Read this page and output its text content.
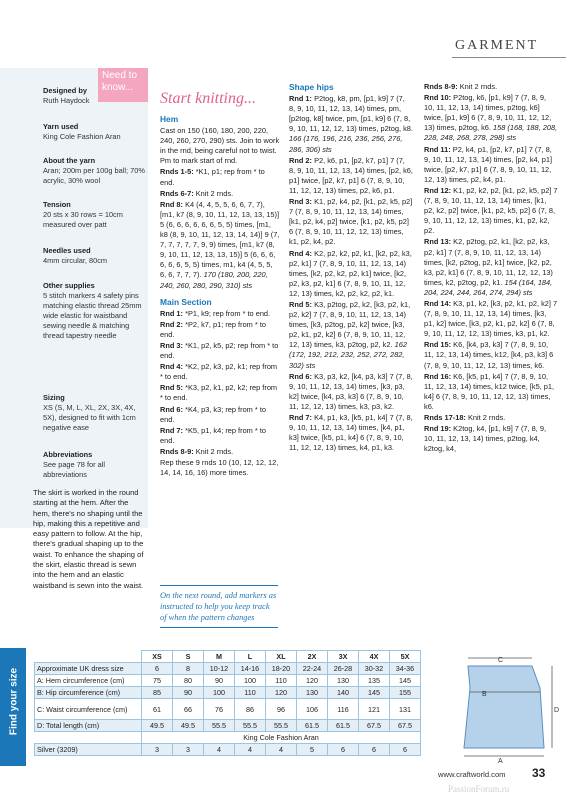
GARMENT
Need to know...
Designed by
Ruth Haydock
Yarn used
King Cole Fashion Aran
About the yarn
Aran; 200m per 100g ball; 70% acrylic, 30% wool
Tension
20 sts x 30 rows = 10cm measured over patt
Needles used
4mm circular, 80cm
Other supplies
5 stitch markers 4 safety pins matching elastic thread 25mm wide elastic for waistband sewing needle & matching thread tapestry needle
Sizing
XS (S, M, L, XL, 2X, 3X, 4X, 5X), designed to fit with 1cm negative ease
Abbreviations
See page 78 for all abbreviations
The skirt is worked in the round starting at the hem. After the hem, there's no shaping until the hip, making this a repetitive and easy pattern to follow. At the hip, there's gradual shaping up to the waist. To enhance the shaping of the skirt, elastic thread is sewn into the hem and an elastic waistband is sewn into the waist.
Start knitting...
Hem

Cast on 150 (160, 180, 200, 220, 240, 260, 270, 290) sts. Join to work in the rnd, being careful not to twist. Pm to mark start of rnd.

Rnds 1-5: *K1, p1; rep from * to end.

Rnds 6-7: Knit 2 rnds.

Rnd 8: K4 (4, 4, 5, 5, 6, 6, 7, 7), [m1, k7 (8, 9, 10, 11, 12, 13, 13, 15)] 5 (6, 6, 6, 6, 6, 6, 5, 5) times, [m1, k8 (8, 9, 10, 11, 12, 13, 14, 14)] 9 (7, 7, 7, 7, 7, 7, 9, 9) times, [m1, k7 (8, 9, 10, 11, 12, 13, 13, 15)] 5 (6, 6, 6, 6, 6, 6, 5, 5) times, m1, k4 (4, 5, 5, 6, 6, 7, 7, 7). 170 (180, 200, 220, 240, 260, 280, 290, 310) sts

Main Section

Rnd 1: *P1, k9; rep from * to end.

Rnd 2: *P2, k7, p1; rep from * to end.

Rnd 3: *K1, p2, k5, p2; rep from * to end.

Rnd 4: *K2, p2, k3, p2, k1; rep from * to end.

Rnd 5: *K3, p2, k1, p2, k2; rep from * to end.

Rnd 6: *K4, p3, k3; rep from * to end.

Rnd 7: *K5, p1, k4; rep from * to end.

Rnds 8-9: Knit 2 rnds.

Rep these 9 rnds 10 (10, 12, 12, 12, 14, 14, 16, 16) more times.

On the next round, add markers as instructed to help you keep track of when the pattern changes
Shape hips

Rnd 1: P2tog, k8, pm, [p1, k9] 7 (7, 8, 9, 10, 11, 12, 13, 14) times, pm, [p2tog, k8] twice, pm, [p1, k9] 6 (7, 8, 9, 10, 11, 12, 12, 13) times, p2tog, k8. 166 (176, 196, 216, 236, 256, 276, 286, 306) sts

Rnd 2: P2, k6, p1, [p2, k7, p1] 7 (7, 8, 9, 10, 11, 12, 13, 14) times, [p2, k6, p1] twice, [p2, k7, p1] 6 (7, 8, 9, 10, 11, 12, 12, 13) times, p2, k6, p1.

Rnd 3: K1, p2, k4, p2, [k1, p2, k5, p2] 7 (7, 8, 9, 10, 11, 12, 13, 14) times, [k1, p2, k4, p2] twice, [k1, p2, k5, p2] 6 (7, 8, 9, 10, 11, 12, 12, 13) times, k1, p2, k4, p2.

Rnd 4: K2, p2, k2, p2, k1, [k2, p2, k3, p2, k1] 7 (7, 8, 9, 10, 11, 12, 13, 14) times, [k2, p2, k2, p2, k1] twice, [k2, p2, k3, p2, k1] 6 (7, 8, 9, 10, 11, 12, 12, 13) times, k2, p2, k2, p2, k1.

Rnd 5: K3, p2tog, p2, k2, [k3, p2, k1, p2, k2] 7 (7, 8, 9, 10, 11, 12, 13, 14) times, [k3, p2tog, p2, k2] twice, [k3, p2, k1, p2, k2] 6 (7, 8, 9, 10, 11, 12, 12, 13) times, k3, p2tog, p2, k2. 162 (172, 192, 212, 232, 252, 272, 282, 302) sts

Rnd 6: K3, p3, k2, [k4, p3, k3] 7 (7, 8, 9, 10, 11, 12, 13, 14) times, [k3, p3, k2] twice, [k4, p3, k3] 6 (7, 8, 9, 10, 11, 12, 12, 13) times, k3, p3, k2.

Rnd 7: K4, p1, k3, [k5, p1, k4] 7 (7, 8, 9, 10, 11, 12, 13, 14) times, [k4, p1, k3] twice, [k5, p1, k4] 6 (7, 8, 9, 10, 11, 12, 12, 13) times, k4, p1, k3.

Rnds 8-9: Knit 2 rnds.

Rnd 10: P2tog, k6, [p1, k9] 7 (7, 8, 9, 10, 11, 12, 13, 14) times, p2tog, k6] twice, [p1, k9] 6 (7, 8, 9, 10, 11, 12, 12, 13) times, p2tog, k6. 158 (168, 188, 208, 228, 248, 268, 278, 298) sts

Rnd 11: P2, k4, p1, [p2, k7, p1] 7 (7, 8, 9, 10, 11, 12, 13, 14) times, [p2, k4, p1] twice, [p2, k7, p1] 6 (7, 8, 9, 10, 11, 12, 12, 13) times, p2, k4, p1.

Rnd 12: K1, p2, k2, p2, [k1, p2, k5, p2] 7 (7, 8, 9, 10, 11, 12, 13, 14) times, [k1, p2, k2, p2] twice, [k1, p2, k5, p2] 6 (7, 8, 9, 10, 11, 12, 12, 13) times, k1, p2, k2, p2.

Rnd 13: K2, p2tog, p2, k1, [k2, p2, k3, p2, k1] 7 (7, 8, 9, 10, 11, 12, 13, 14) times, [k2, p2tog, p2, k1] twice, [k2, p2, k3, p2, k1] 6 (7, 8, 9, 10, 11, 12, 12, 13) times, k2, p2tog, p2, k1. 154 (164, 184, 204, 224, 244, 264, 274, 294) sts

Rnd 14: K3, p1, k2, [k3, p2, k1, p2, k2] 7 (7, 8, 9, 10, 11, 12, 13, 14) times, [k3, p1, k2] twice, [k3, p2, k1, p2, k2] 6 (7, 8, 9, 10, 11, 12, 12, 13) times, k3, p1, k2.

Rnd 15: K6, [k4, p3, k3] 7 (7, 8, 9, 10, 11, 12, 13, 14) times, k12, [k4, p3, k3] 6 (7, 8, 9, 10, 11, 12, 12, 13) times, k6.

Rnd 16: K6, [k5, p1, k4] 7 (7, 8, 9, 10, 11, 12, 13, 14) times, k12 twice, [k5, p1, k4] 6 (7, 8, 9, 10, 11, 12, 12, 13) times, k6.

Rnds 17-18: Knit 2 rnds.

Rnd 19: K2tog, k4, [p1, k9] 7 (7, 8, 9, 10, 11, 12, 13, 14) times, p2tog, k4, k2tog, k4,

Find your size
	XS	S	M	L	XL	2X	3X	4X	5X
Approximate UK dress size	6	8	10-12	14-16	18-20	22-24	26-28	30-32	34-36
A: Hem circumference (cm)	75	80	90	100	110	120	130	135	145
B: Hip circumference (cm)	85	90	100	110	120	130	140	145	155
C: Waist circumference (cm)	61	66	76	86	96	106	116	121	131
D: Total length (cm)	49.5	49.5	55.5	55.5	55.5	61.5	61.5	67.5	67.5
	King Cole Fashion Aran								
Silver (3209)	3	3	4	4	4	5	6	6	6
C
B
A
D
www.craftworld.com 33
PassionForum.ru
